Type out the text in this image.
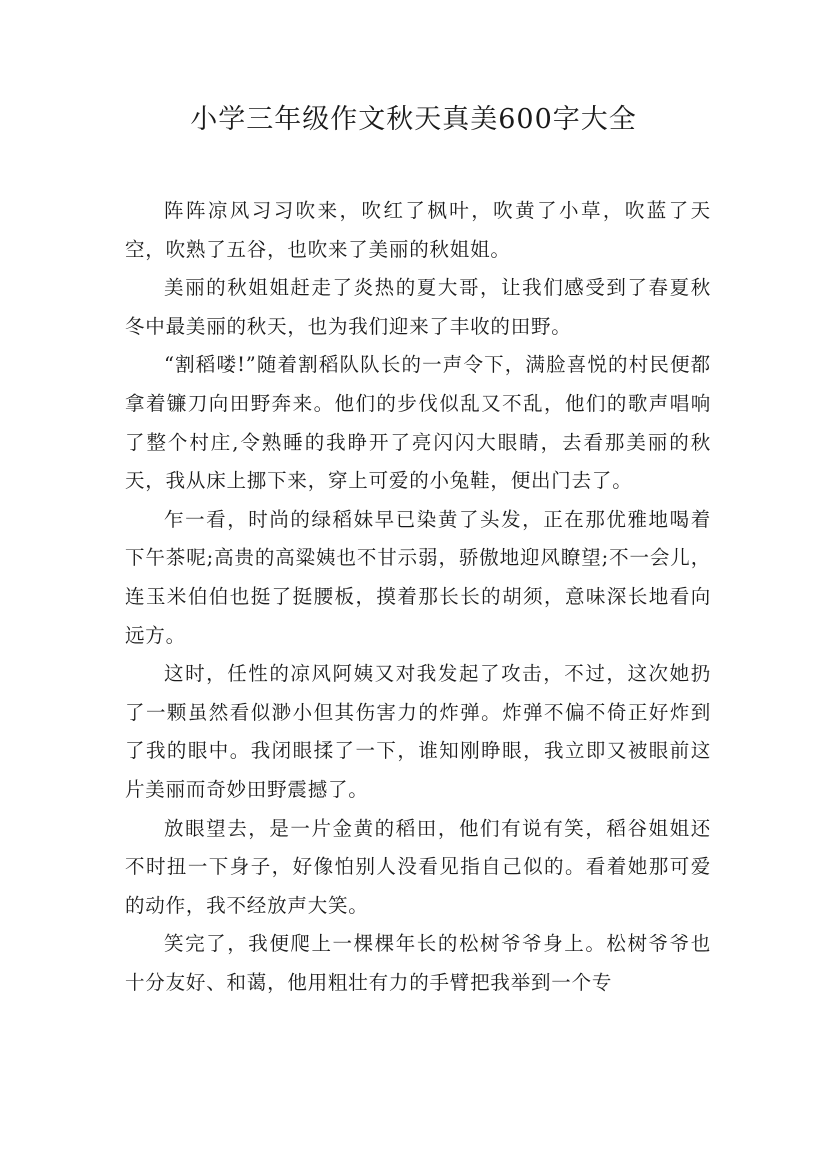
小学三年级作文秋天真美600字大全

阵阵凉风习习吹来，吹红了枫叶，吹黄了小草，吹蓝了天空，吹熟了五谷，也吹来了美丽的秋姐姐。

美丽的秋姐姐赶走了炎热的夏大哥，让我们感受到了春夏秋冬中最美丽的秋天，也为我们迎来了丰收的田野。

“割稻喽!”随着割稻队队长的一声令下，满脸喜悦的村民便都拿着镰刀向田野奔来。他们的步伐似乱又不乱，他们的歌声唱响了整个村庄,令熟睡的我睁开了亮闪闪大眼睛，去看那美丽的秋天，我从床上挪下来，穿上可爱的小兔鞋，便出门去了。

乍一看，时尚的绿稻妹早已染黄了头发，正在那优雅地喝着下午茶呢;高贵的高粱姨也不甘示弱，骄傲地迎风瞭望;不一会儿，连玉米伯伯也挺了挺腰板，摸着那长长的胡须，意味深长地看向远方。

这时，任性的凉风阿姨又对我发起了攻击，不过，这次她扔了一颗虽然看似渺小但其伤害力的炸弹。炸弹不偏不倚正好炸到了我的眼中。我闭眼揉了一下，谁知刚睁眼，我立即又被眼前这片美丽而奇妙田野震撼了。

放眼望去，是一片金黄的稻田，他们有说有笑，稻谷姐姐还不时扭一下身子，好像怕别人没看见指自己似的。看着她那可爱的动作，我不经放声大笑。

笑完了，我便爬上一棵棵年长的松树爷爷身上。松树爷爷也十分友好、和蔼，他用粗壮有力的手臂把我举到一个专
